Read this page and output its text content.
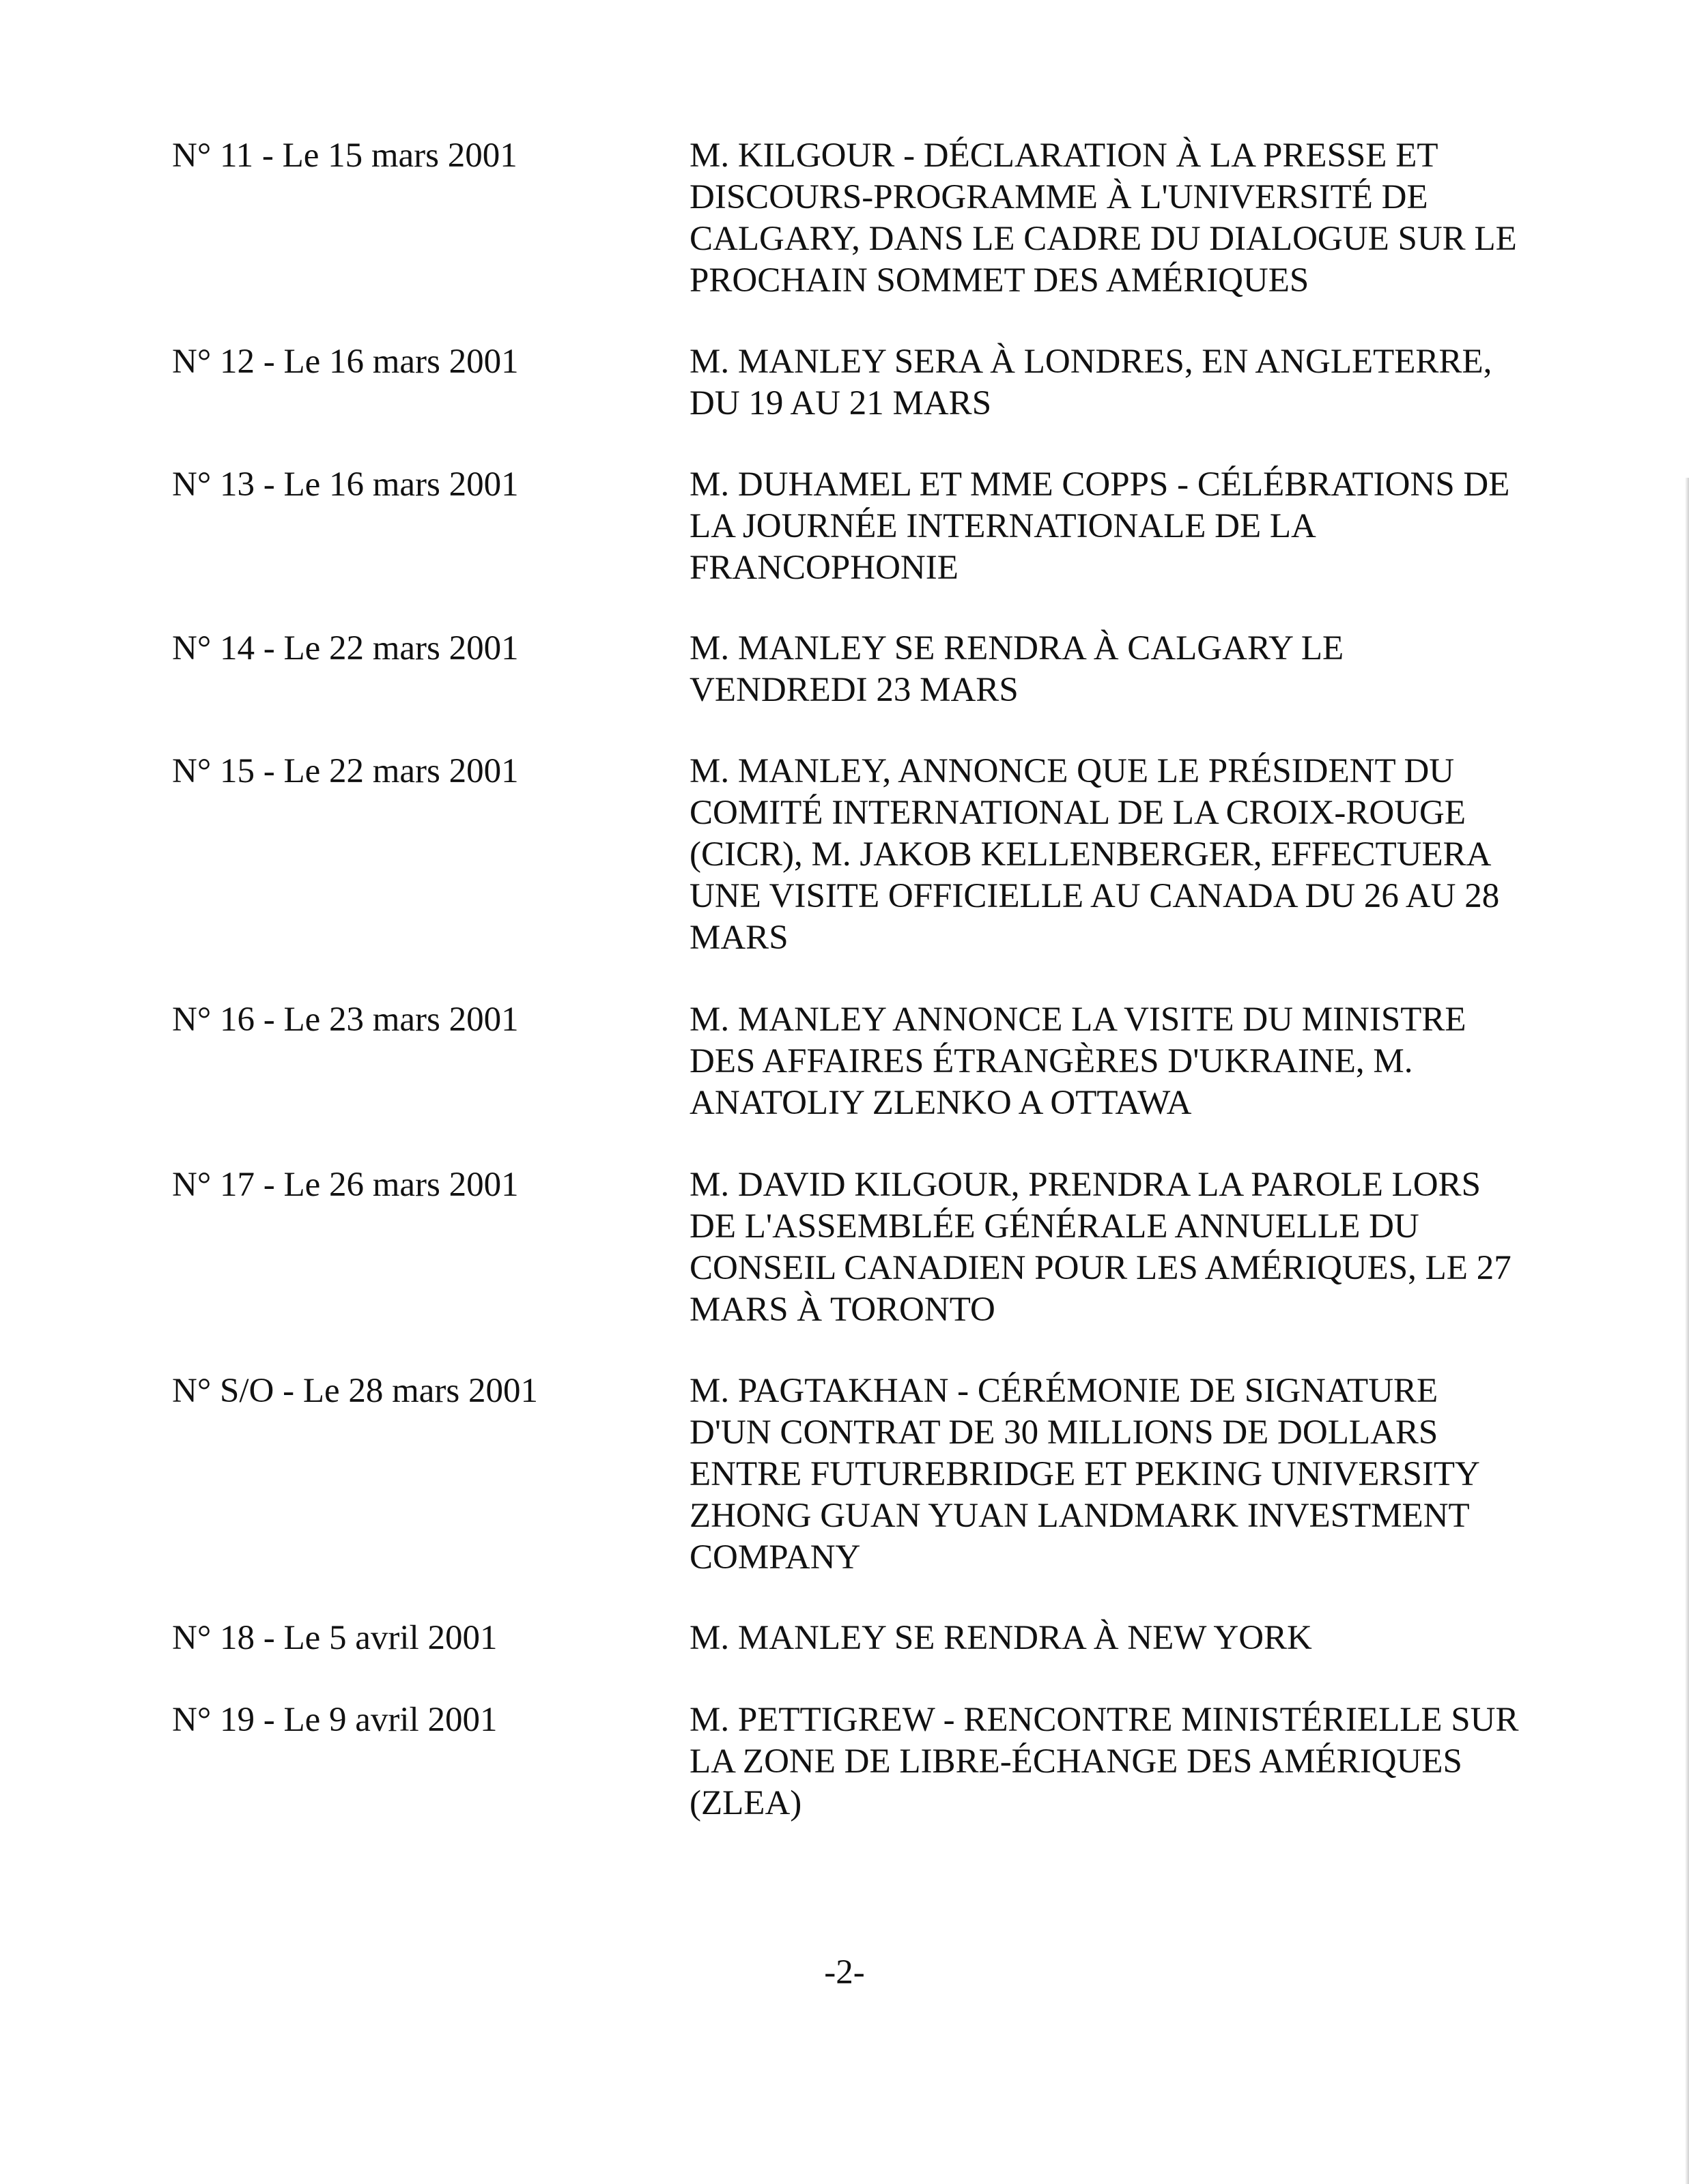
N° 11 - Le 15 mars 2001	M. KILGOUR - DÉCLARATION À LA PRESSE ET
DISCOURS-PROGRAMME À L'UNIVERSITÉ DE
CALGARY, DANS LE CADRE DU DIALOGUE SUR LE
PROCHAIN SOMMET DES AMÉRIQUES
N° 12 - Le 16 mars 2001	M. MANLEY SERA À LONDRES, EN ANGLETERRE,
DU 19 AU 21 MARS
N° 13 - Le 16 mars 2001	M. DUHAMEL ET MME COPPS - CÉLÉBRATIONS DE
LA JOURNÉE INTERNATIONALE DE LA
FRANCOPHONIE
N° 14 - Le 22 mars 2001	M. MANLEY SE RENDRA À CALGARY LE
VENDREDI 23 MARS
N° 15 - Le 22 mars 2001	M. MANLEY, ANNONCE QUE LE PRÉSIDENT DU
COMITÉ INTERNATIONAL DE LA CROIX-ROUGE
(CICR), M. JAKOB KELLENBERGER, EFFECTUERA
UNE VISITE OFFICIELLE AU CANADA DU 26 AU 28
MARS
N° 16 - Le 23 mars 2001	M. MANLEY ANNONCE LA VISITE DU MINISTRE
DES AFFAIRES ÉTRANGÈRES D'UKRAINE, M.
ANATOLIY ZLENKO A OTTAWA
N° 17 - Le 26 mars 2001	M. DAVID KILGOUR, PRENDRA LA PAROLE LORS
DE L'ASSEMBLÉE GÉNÉRALE ANNUELLE DU
CONSEIL CANADIEN POUR LES AMÉRIQUES, LE 27
MARS À TORONTO
N° S/O - Le 28 mars 2001	M. PAGTAKHAN - CÉRÉMONIE DE SIGNATURE
D'UN CONTRAT DE 30 MILLIONS DE DOLLARS
ENTRE FUTUREBRIDGE ET PEKING UNIVERSITY
ZHONG GUAN YUAN LANDMARK INVESTMENT
COMPANY
N° 18 - Le 5 avril 2001	M. MANLEY SE RENDRA À NEW YORK
N° 19 - Le 9 avril 2001	M. PETTIGREW - RENCONTRE MINISTÉRIELLE SUR
LA ZONE DE LIBRE-ÉCHANGE DES AMÉRIQUES
(ZLEA)
-2-
